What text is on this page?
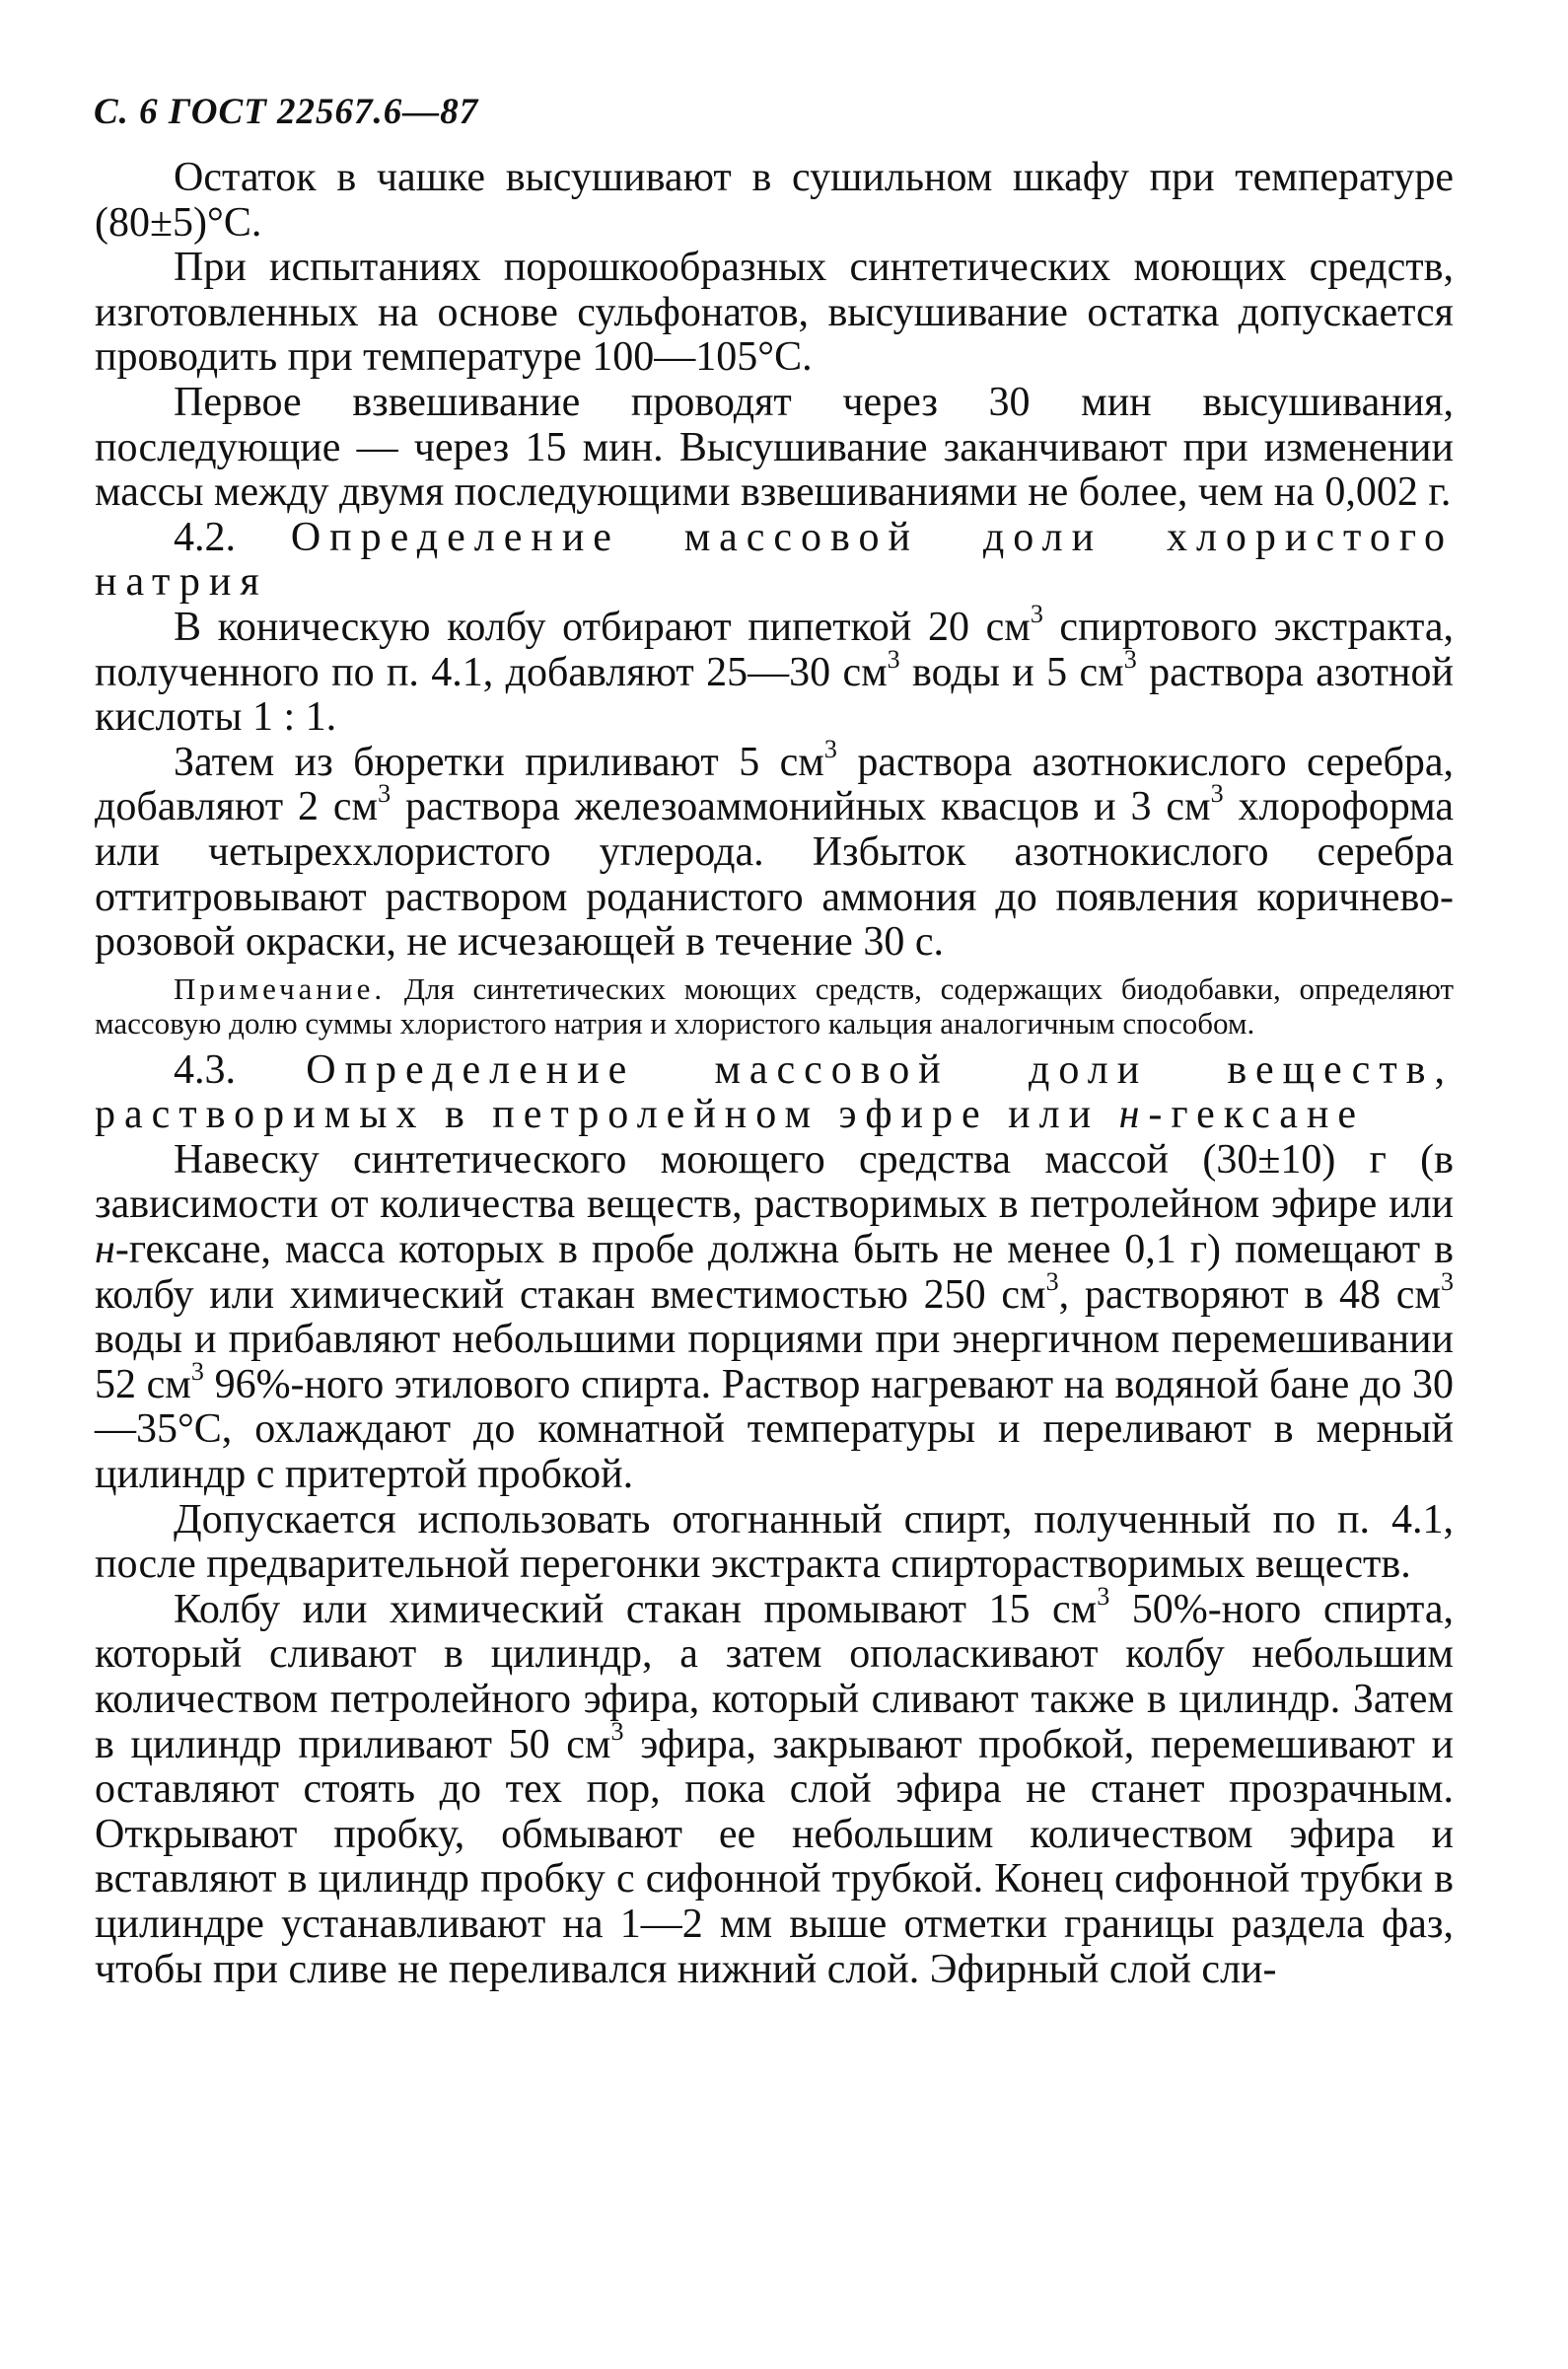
С. 6 ГОСТ 22567.6—87

Остаток в чашке высушивают в сушильном шкафу при температуре (80±5)°С.

При испытаниях порошкообразных синтетических моющих средств, изготовленных на основе сульфонатов, высушивание остатка допускается проводить при температуре 100—105°С.

Первое взвешивание проводят через 30 мин высушивания, последующие — через 15 мин. Высушивание заканчивают при изменении массы между двумя последующими взвешиваниями не более, чем на 0,002 г.

4.2. Определение массовой доли хлористого натрия

В коническую колбу отбирают пипеткой 20 $см^3$ спиртового экстракта, полученного по п. 4.1, добавляют 25—30 $см^3$ воды и 5 $см^3$ раствора азотной кислоты 1 : 1.

Затем из бюретки приливают 5 $см^3$ раствора азотнокислого серебра, добавляют 2 $см^3$ раствора железоаммонийных квасцов и 3 $см^3$ хлороформа или четыреххлористого углерода. Избыток азотнокислого серебра оттитровывают раствором роданистого аммония до появления коричнево-розовой окраски, не исчезающей в течение 30 с.

Примечание. Для синтетических моющих средств, содержащих биодобавки, определяют массовую долю суммы хлористого натрия и хлористого кальция аналогичным способом.

4.3. Определение массовой доли веществ, растворимых в петролейном эфире или н-гексане

Навеску синтетического моющего средства массой (30±10) г (в зависимости от количества веществ, растворимых в петролейном эфире или н-гексане, масса которых в пробе должна быть не менее 0,1 г) помещают в колбу или химический стакан вместимостью 250 $см^3$, растворяют в 48 $см^3$ воды и прибавляют небольшими порциями при энергичном перемешивании 52 $см^3$ 96%-ного этилового спирта. Раствор нагревают на водяной бане до 30—35°С, охлаждают до комнатной температуры и переливают в мерный цилиндр с притертой пробкой.

Допускается использовать отогнанный спирт, полученный по п. 4.1, после предварительной перегонки экстракта спирторастворимых веществ.

Колбу или химический стакан промывают 15 $см^3$ 50%-ного спирта, который сливают в цилиндр, а затем ополаскивают колбу небольшим количеством петролейного эфира, который сливают также в цилиндр. Затем в цилиндр приливают 50 $см^3$ эфира, закрывают пробкой, перемешивают и оставляют стоять до тех пор, пока слой эфира не станет прозрачным. Открывают пробку, обмывают ее небольшим количеством эфира и вставляют в цилиндр пробку с сифонной трубкой. Конец сифонной трубки в цилиндре устанавливают на 1—2 мм выше отметки границы раздела фаз, чтобы при сливе не переливался нижний слой. Эфирный слой сли-
